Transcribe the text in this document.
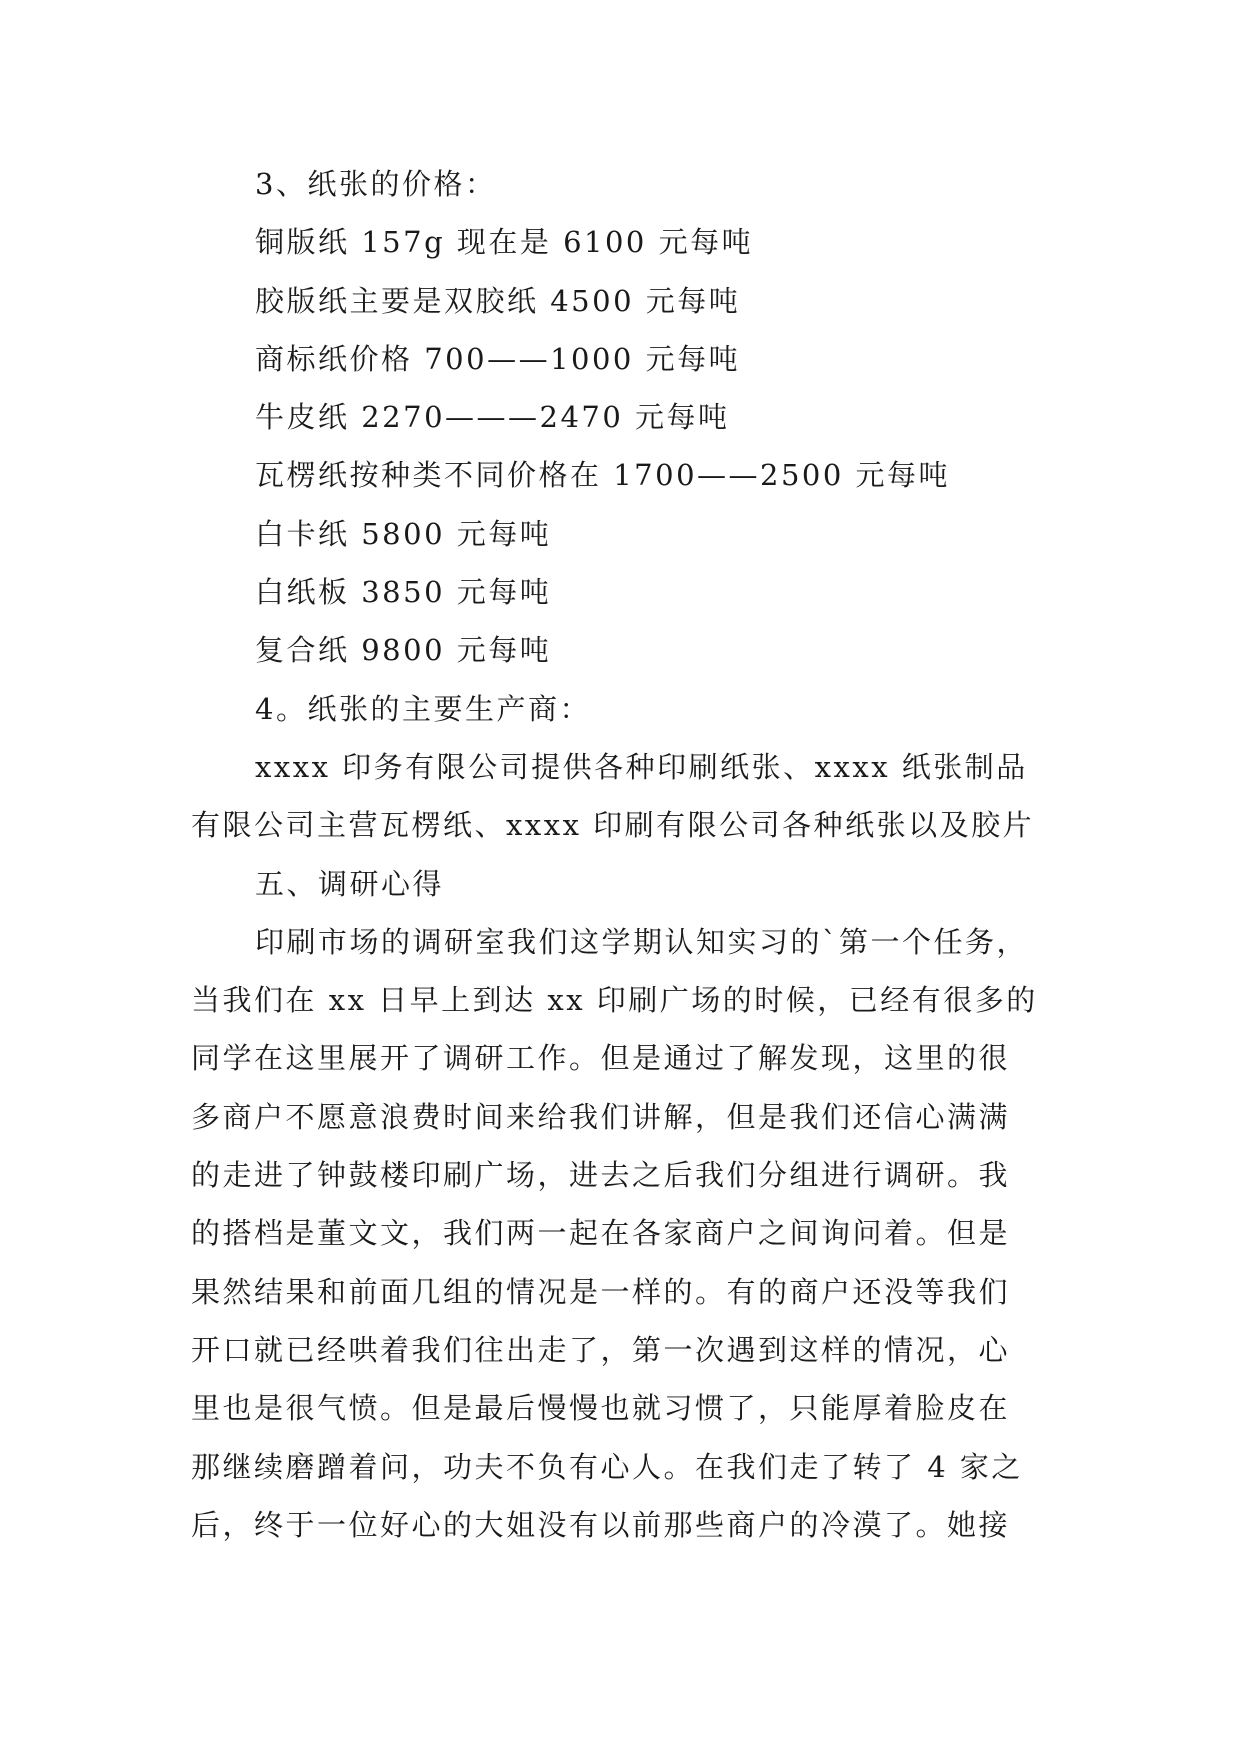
3、纸张的价格：
铜版纸 157g 现在是 6100 元每吨
胶版纸主要是双胶纸 4500 元每吨
商标纸价格 700——1000 元每吨
牛皮纸 2270———2470 元每吨
瓦楞纸按种类不同价格在 1700——2500 元每吨
白卡纸 5800 元每吨
白纸板 3850 元每吨
复合纸 9800 元每吨
4。纸张的主要生产商：
xxxx 印务有限公司提供各种印刷纸张、xxxx 纸张制品
有限公司主营瓦楞纸、xxxx 印刷有限公司各种纸张以及胶片
五、调研心得
印刷市场的调研室我们这学期认知实习的`第一个任务，
当我们在 xx 日早上到达 xx 印刷广场的时候，已经有很多的
同学在这里展开了调研工作。但是通过了解发现，这里的很
多商户不愿意浪费时间来给我们讲解，但是我们还信心满满
的走进了钟鼓楼印刷广场，进去之后我们分组进行调研。我
的搭档是董文文，我们两一起在各家商户之间询问着。但是
果然结果和前面几组的情况是一样的。有的商户还没等我们
开口就已经哄着我们往出走了，第一次遇到这样的情况，心
里也是很气愤。但是最后慢慢也就习惯了，只能厚着脸皮在
那继续磨蹭着问，功夫不负有心人。在我们走了转了 4 家之
后，终于一位好心的大姐没有以前那些商户的冷漠了。她接
